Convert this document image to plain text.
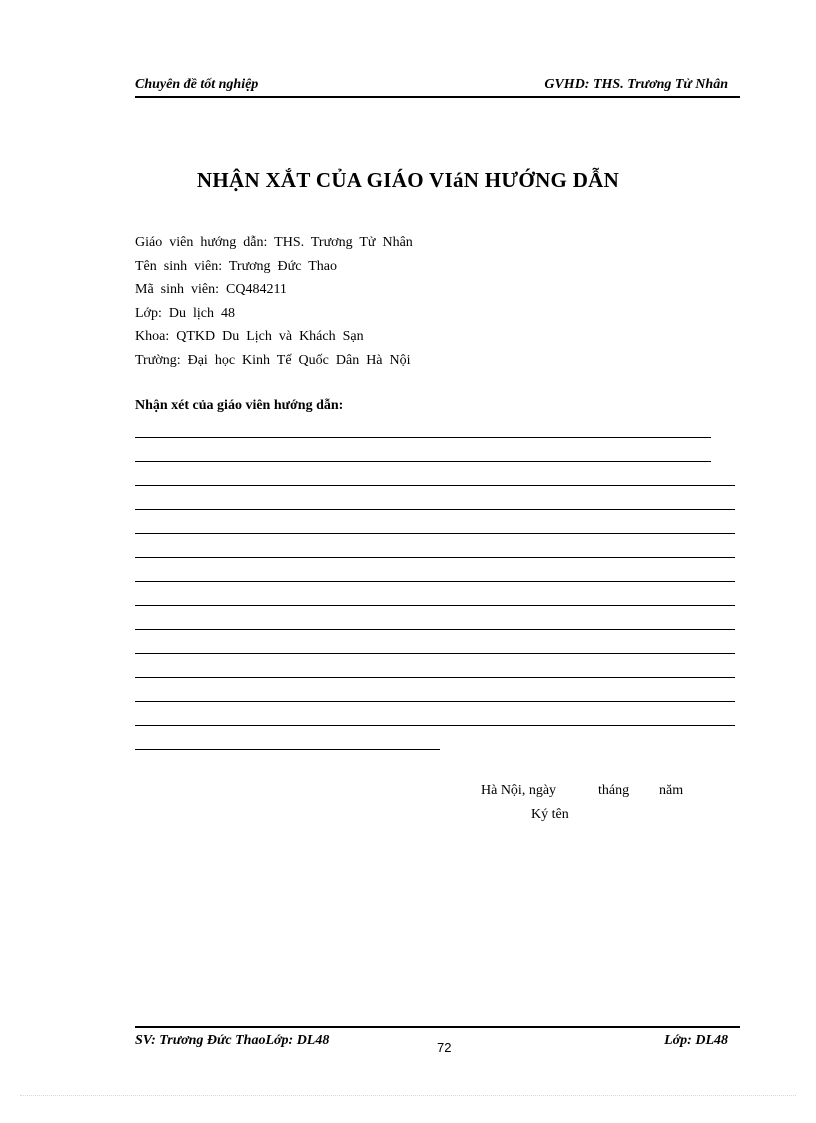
Chuyên đề tốt nghiệp	GVHD: THS. Trương Tử Nhân
NHẬN XẮT CỦA GIÁO VIáN HƯỚNG DẪN
Giáo  viên  hướng  dẫn:  THS.  Trương  Tử  Nhân
Tên  sinh  viên:  Trương  Đức  Thao
Mã  sinh  viên:  CQ484211
Lớp:  Du  lịch  48
Khoa:  QTKD  Du  Lịch  và  Khách  Sạn
Trường:  Đại  học  Kinh  Tế  Quốc  Dân  Hà  Nội
Nhận xét của giáo viên hướng dẫn:
Hà Nội, ngày	tháng năm
Ký tên
SV: Trương Đức ThaoLớp: DL48	72	Lớp: DL48
